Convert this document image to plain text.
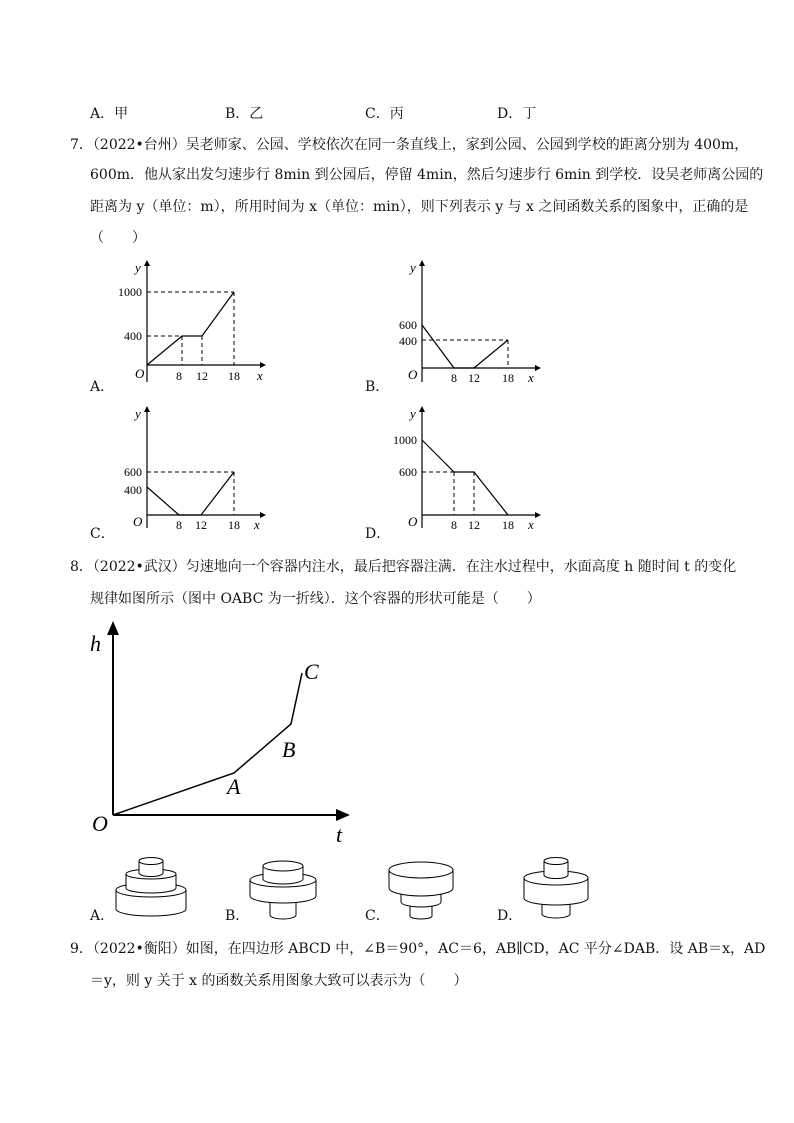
A．甲	B．乙	C．丙	D．丁
7．（2022•台州）吴老师家、公园、学校依次在同一条直线上，家到公园、公园到学校的距离分别为 400m，
600m．他从家出发匀速步行 8min 到公园后，停留 4min，然后匀速步行 6min 到学校．设吴老师离公园的
距离为 y（单位：m），所用时间为 x（单位：min），则下列表示 y 与 x 之间函数关系的图象中，正确的是
（　　）
A．
1000
400
8 12 18
O	x
y
B．
600
400
8 12 18
O	x
y
C．
600
400
8 12 18
O	x
y
D．
1000
600
8 12 18
O	x
y
8．（2022•武汉）匀速地向一个容器内注水，最后把容器注满．在注水过程中，水面高度 h 随时间 t 的变化
规律如图所示（图中 OABC 为一折线）．这个容器的形状可能是（　　）
h
t
O
A
B
C
A．	B．	C．	D．
9．（2022•衡阳）如图，在四边形 ABCD 中，∠B＝90°，AC＝6，AB∥CD，AC 平分∠DAB．设 AB＝x，AD
＝y，则 y 关于 x 的函数关系用图象大致可以表示为（　　）
